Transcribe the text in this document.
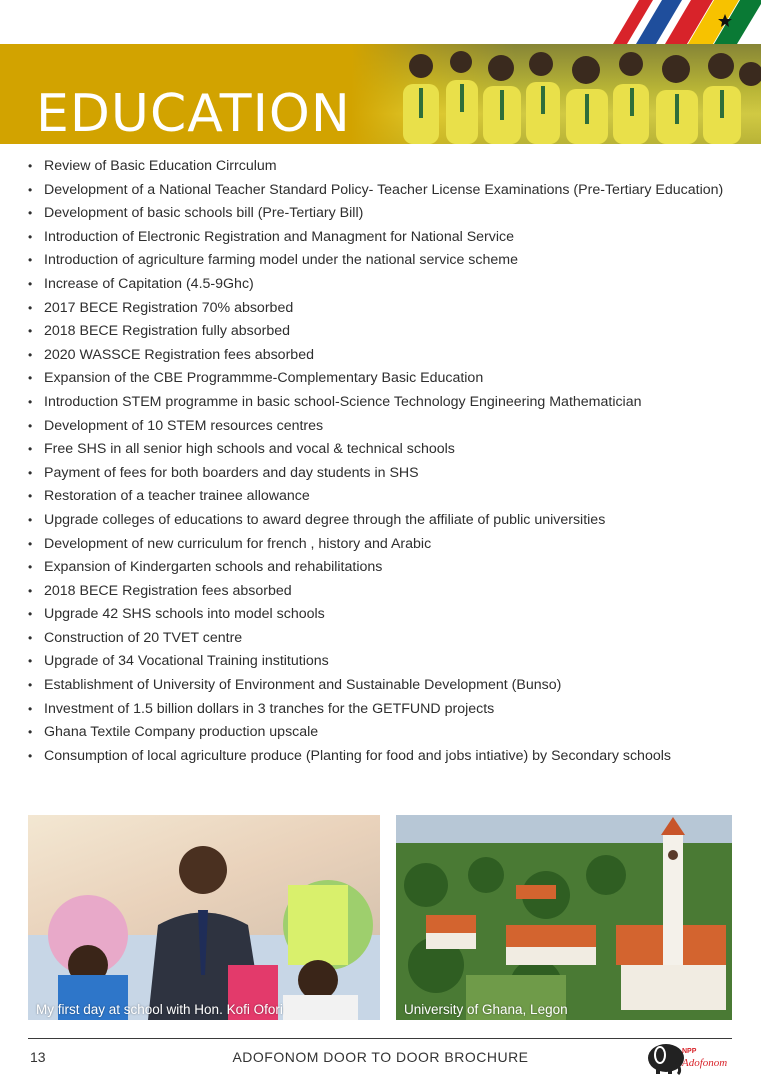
EDUCATION
• Review of Basic Education Cirrculum
• Development of a National Teacher Standard Policy- Teacher License Examinations (Pre-Tertiary Education)
• Development of basic schools bill (Pre-Tertiary Bill)
• Introduction of Electronic Registration and Managment for National Service
• Introduction of agriculture farming model under the national service scheme
• Increase of Capitation (4.5-9Ghc)
• 2017 BECE Registration 70% absorbed
• 2018 BECE Registration fully absorbed
• 2020 WASSCE Registration fees absorbed
• Expansion of the CBE Programmme-Complementary Basic Education
• Introduction STEM programme in basic school-Science Technology Engineering Mathematician
• Development of 10 STEM resources centres
• Free SHS in all senior high schools and vocal & technical schools
• Payment of fees for both boarders and day students in SHS
• Restoration of a teacher trainee allowance
• Upgrade colleges of educations to award degree through the affiliate of public universities
• Development of new curriculum for french , history and Arabic
• Expansion of Kindergarten schools and rehabilitations
• 2018 BECE Registration fees absorbed
• Upgrade 42 SHS schools into model schools
• Construction of 20 TVET centre
• Upgrade of 34 Vocational Training institutions
• Establishment of University of Environment and Sustainable Development (Bunso)
• Investment of 1.5 billion dollars in 3 tranches for the GETFUND projects
• Ghana Textile Company production upscale
• Consumption of local agriculture produce (Planting for food and jobs intiative) by Secondary schools
My first day at school with Hon. Kofi Ofori	University of Ghana, Legon
13	ADOFONOM DOOR TO DOOR BROCHURE	NPP
Adofonom
